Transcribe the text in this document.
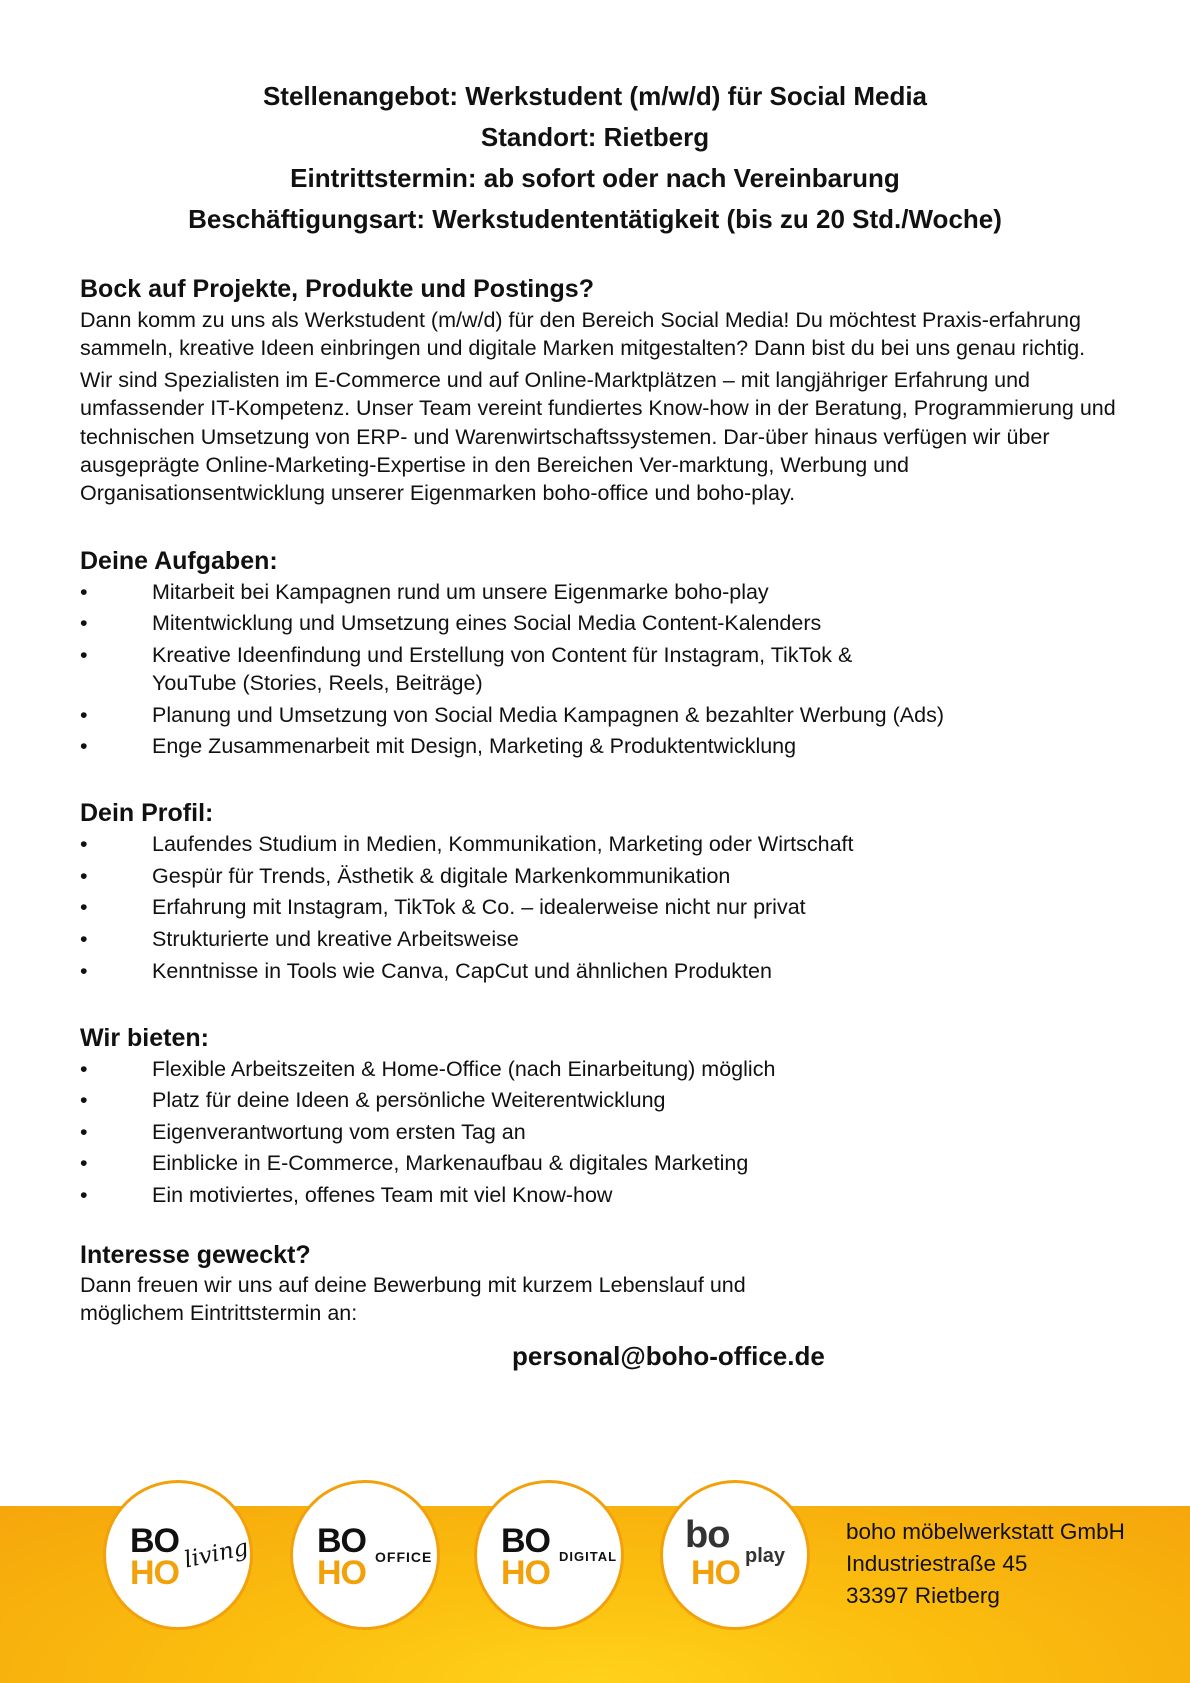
Stellenangebot: Werkstudent (m/w/d) für Social Media
Standort: Rietberg
Eintrittstermin: ab sofort oder nach Vereinbarung
Beschäftigungsart: Werkstudententätigkeit (bis zu 20 Std./Woche)
Bock auf Projekte, Produkte und Postings?

Dann komm zu uns als Werkstudent (m/w/d) für den Bereich Social Media! Du möchtest Praxis-erfahrung sammeln, kreative Ideen einbringen und digitale Marken mitgestalten? Dann bist du bei uns genau richtig.

Wir sind Spezialisten im E-Commerce und auf Online-Marktplätzen – mit langjähriger Erfahrung und umfassender IT-Kompetenz. Unser Team vereint fundiertes Know-how in der Beratung, Programmierung und technischen Umsetzung von ERP- und Warenwirtschaftssystemen. Dar-über hinaus verfügen wir über ausgeprägte Online-Marketing-Expertise in den Bereichen Ver-marktung, Werbung und Organisationsentwicklung unserer Eigenmarken boho-office und boho-play.

Deine Aufgaben:
•	Mitarbeit bei Kampagnen rund um unsere Eigenmarke boho-play
•	Mitentwicklung und Umsetzung eines Social Media Content-Kalenders
•	Kreative Ideenfindung und Erstellung von Content für Instagram, TikTok & YouTube (Stories, Reels, Beiträge)
•	Planung und Umsetzung von Social Media Kampagnen & bezahlter Werbung (Ads)
•	Enge Zusammenarbeit mit Design, Marketing & Produktentwicklung
Dein Profil:
•	Laufendes Studium in Medien, Kommunikation, Marketing oder Wirtschaft
•	Gespür für Trends, Ästhetik & digitale Markenkommunikation
•	Erfahrung mit Instagram, TikTok & Co. – idealerweise nicht nur privat
•	Strukturierte und kreative Arbeitsweise
•	Kenntnisse in Tools wie Canva, CapCut und ähnlichen Produkten
Wir bieten:
•	Flexible Arbeitszeiten & Home-Office (nach Einarbeitung) möglich
•	Platz für deine Ideen & persönliche Weiterentwicklung
•	Eigenverantwortung vom ersten Tag an
•	Einblicke in E-Commerce, Markenaufbau & digitales Marketing
•	Ein motiviertes, offenes Team mit viel Know-how
Interesse geweckt?

Dann freuen wir uns auf deine Bewerbung mit kurzem Lebenslauf und möglichem Eintrittstermin an:

personal@boho-office.de
BO
HO living BO
HO OFFICE BO
HO DIGITAL
bo
HO play
boho möbelwerkstatt GmbH
Industriestraße 45
33397 Rietberg
